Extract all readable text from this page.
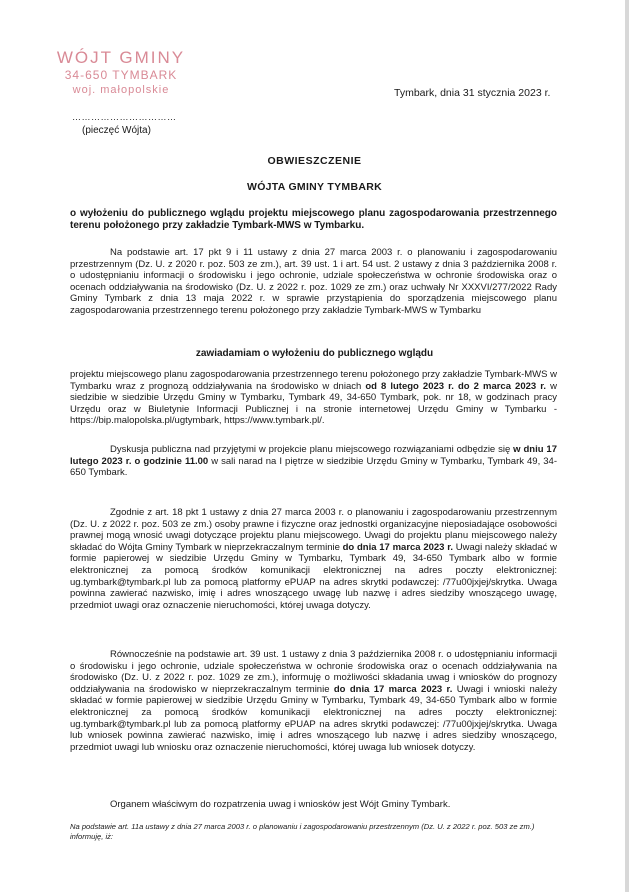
WÓJT GMINY
34-650 TYMBARK
woj. małopolskie	Tymbark, dnia 31 stycznia 2023 r.
……………………………
(pieczęć Wójta)
OBWIESZCZENIE
WÓJTA GMINY TYMBARK
o wyłożeniu do publicznego wglądu projektu miejscowego planu zagospodarowania przestrzennego terenu położonego przy zakładzie Tymbark-MWS w Tymbarku.

Na podstawie art. 17 pkt 9 i 11 ustawy z dnia 27 marca 2003 r. o planowaniu i zagospodarowaniu przestrzennym (Dz. U. z 2020 r. poz. 503 ze zm.), art. 39 ust. 1 i art. 54 ust. 2 ustawy z dnia 3 października 2008 r. o udostępnianiu informacji o środowisku i jego ochronie, udziale społeczeństwa w ochronie środowiska oraz o ocenach oddziaływania na środowisko (Dz. U. z 2022 r. poz. 1029 ze zm.) oraz uchwały Nr XXXVI/277/2022 Rady Gminy Tymbark z dnia 13 maja 2022 r. w sprawie przystąpienia do sporządzenia miejscowego planu zagospodarowania przestrzennego terenu położonego przy zakładzie Tymbark-MWS w Tymbarku

zawiadamiam o wyłożeniu do publicznego wglądu

projektu miejscowego planu zagospodarowania przestrzennego terenu położonego przy zakładzie Tymbark-MWS w Tymbarku wraz z prognozą oddziaływania na środowisko w dniach od 8 lutego 2023 r. do 2 marca 2023 r. w siedzibie w siedzibie Urzędu Gminy w Tymbarku, Tymbark 49, 34-650 Tymbark, pok. nr 18, w godzinach pracy Urzędu oraz w Biuletynie Informacji Publicznej i na stronie internetowej Urzędu Gminy w Tymbarku - https://bip.malopolska.pl/ugtymbark, https://www.tymbark.pl/.

Dyskusja publiczna nad przyjętymi w projekcie planu miejscowego rozwiązaniami odbędzie się w dniu 17 lutego 2023 r. o godzinie 11.00 w sali narad na I piętrze w siedzibie Urzędu Gminy w Tymbarku, Tymbark 49, 34-650 Tymbark.

Zgodnie z art. 18 pkt 1 ustawy z dnia 27 marca 2003 r. o planowaniu i zagospodarowaniu przestrzennym (Dz. U. z 2022 r. poz. 503 ze zm.) osoby prawne i fizyczne oraz jednostki organizacyjne nieposiadające osobowości prawnej mogą wnosić uwagi dotyczące projektu planu miejscowego. Uwagi do projektu planu miejscowego należy składać do Wójta Gminy Tymbark w nieprzekraczalnym terminie do dnia 17 marca 2023 r. Uwagi należy składać w formie papierowej w siedzibie Urzędu Gminy w Tymbarku, Tymbark 49, 34-650 Tymbark albo w formie elektronicznej za pomocą środków komunikacji elektronicznej na adres poczty elektronicznej: ug.tymbark@tymbark.pl lub za pomocą platformy ePUAP na adres skrytki podawczej: /77u00jxjej/skrytka. Uwaga powinna zawierać nazwisko, imię i adres wnoszącego uwagę lub nazwę i adres siedziby wnoszącego uwagę, przedmiot uwagi oraz oznaczenie nieruchomości, której uwaga dotyczy.

Równocześnie na podstawie art. 39 ust. 1 ustawy z dnia 3 października 2008 r. o udostępnianiu informacji o środowisku i jego ochronie, udziale społeczeństwa w ochronie środowiska oraz o ocenach oddziaływania na środowisko (Dz. U. z 2022 r. poz. 1029 ze zm.), informuję o możliwości składania uwag i wniosków do prognozy oddziaływania na środowisko w nieprzekraczalnym terminie do dnia 17 marca 2023 r. Uwagi i wnioski należy składać w formie papierowej w siedzibie Urzędu Gminy w Tymbarku, Tymbark 49, 34-650 Tymbark albo w formie elektronicznej za pomocą środków komunikacji elektronicznej na adres poczty elektronicznej: ug.tymbark@tymbark.pl lub za pomocą platformy ePUAP na adres skrytki podawczej: /77u00jxjej/skrytka. Uwaga lub wniosek powinna zawierać nazwisko, imię i adres wnoszącego lub nazwę i adres siedziby wnoszącego, przedmiot uwagi lub wniosku oraz oznaczenie nieruchomości, której uwaga lub wniosek dotyczy.

Organem właściwym do rozpatrzenia uwag i wniosków jest Wójt Gminy Tymbark.

Na podstawie art. 11a ustawy z dnia 27 marca 2003 r. o planowaniu i zagospodarowaniu przestrzennym (Dz. U. z 2022 r. poz. 503 ze zm.) informuję, iż:
